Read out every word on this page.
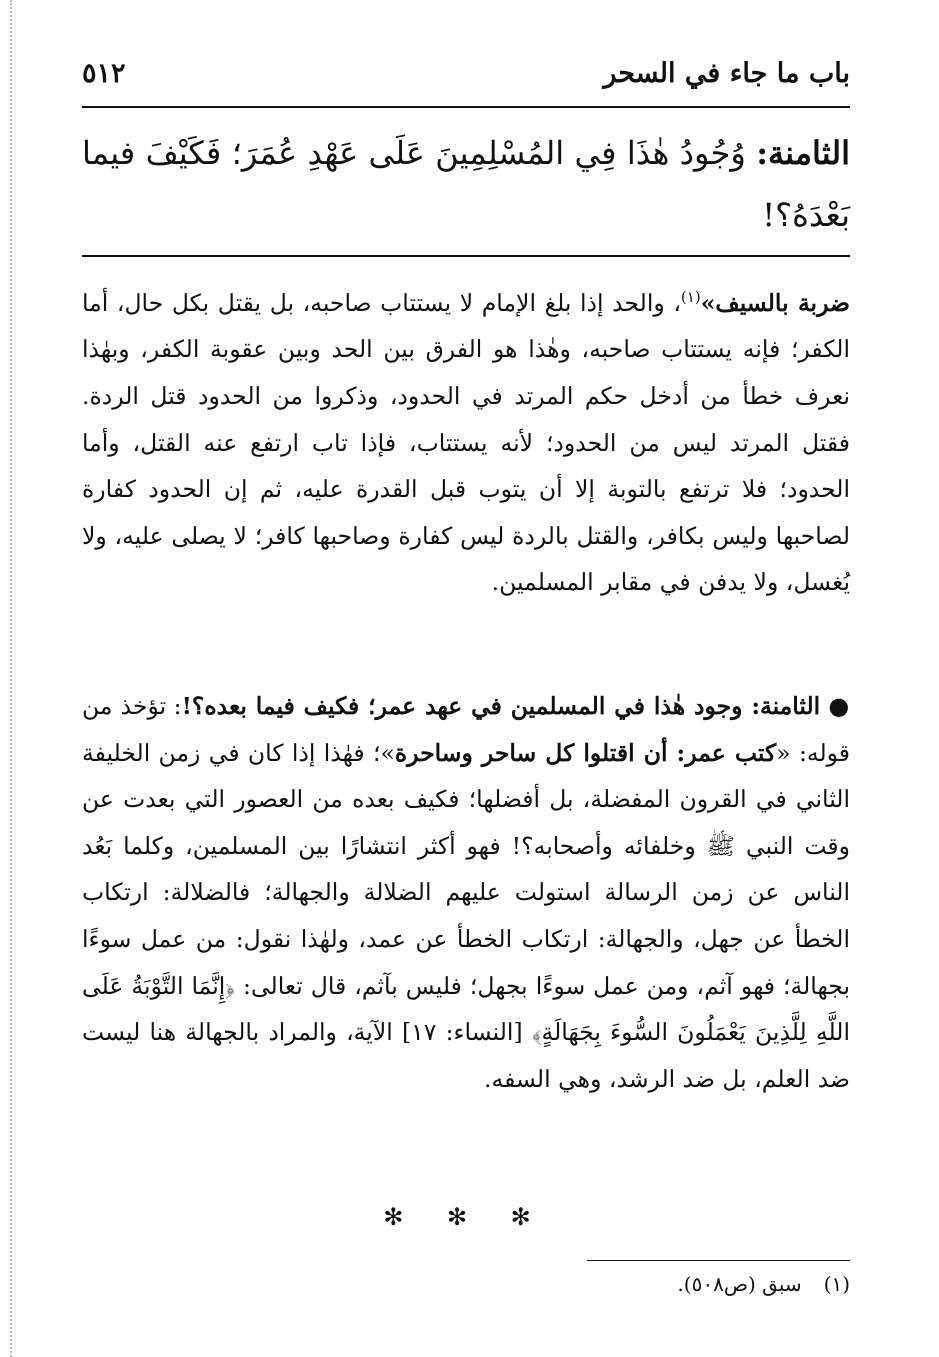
باب ما جاء في السحر
٥١٢
الثامنة: وُجُودُ هٰذَا فِي المُسْلِمِينَ عَلَى عَهْدِ عُمَرَ؛ فَكَيْفَ فيما بَعْدَهُ؟!

ضربة بالسيف»$^{(١)}$، والحد إذا بلغ الإمام لا يستتاب صاحبه، بل يقتل بكل حال، أما الكفر؛ فإنه يستتاب صاحبه، وهٰذا هو الفرق بين الحد وبين عقوبة الكفر، وبهٰذا نعرف خطأ من أدخل حكم المرتد في الحدود، وذكروا من الحدود قتل الردة. فقتل المرتد ليس من الحدود؛ لأنه يستتاب، فإذا تاب ارتفع عنه القتل، وأما الحدود؛ فلا ترتفع بالتوبة إلا أن يتوب قبل القدرة عليه، ثم إن الحدود كفارة لصاحبها وليس بكافر، والقتل بالردة ليس كفارة وصاحبها كافر؛ لا يصلى عليه، ولا يُغسل، ولا يدفن في مقابر المسلمين.

● الثامنة: وجود هٰذا في المسلمين في عهد عمر؛ فكيف فيما بعده؟!: تؤخذ من قوله: «كتب عمر: أن اقتلوا كل ساحر وساحرة»؛ فهٰذا إذا كان في زمن الخليفة الثاني في القرون المفضلة، بل أفضلها؛ فكيف بعده من العصور التي بعدت عن وقت النبي ﷺ وخلفائه وأصحابه؟! فهو أكثر انتشارًا بين المسلمين، وكلما بَعُد الناس عن زمن الرسالة استولت عليهم الضلالة والجهالة؛ فالضلالة: ارتكاب الخطأ عن جهل، والجهالة: ارتكاب الخطأ عن عمد، ولهٰذا نقول: من عمل سوءًا بجهالة؛ فهو آثم، ومن عمل سوءًا بجهل؛ فليس بآثم، قال تعالى: ﴿إِنَّمَا التَّوْبَةُ عَلَى اللَّهِ لِلَّذِينَ يَعْمَلُونَ السُّوءَ بِجَهَالَةٍ﴾ [النساء: ١٧] الآية، والمراد بالجهالة هنا ليست ضد العلم، بل ضد الرشد، وهي السفه.

✻ ✻ ✻
(١)سبق (ص٥٠٨).
